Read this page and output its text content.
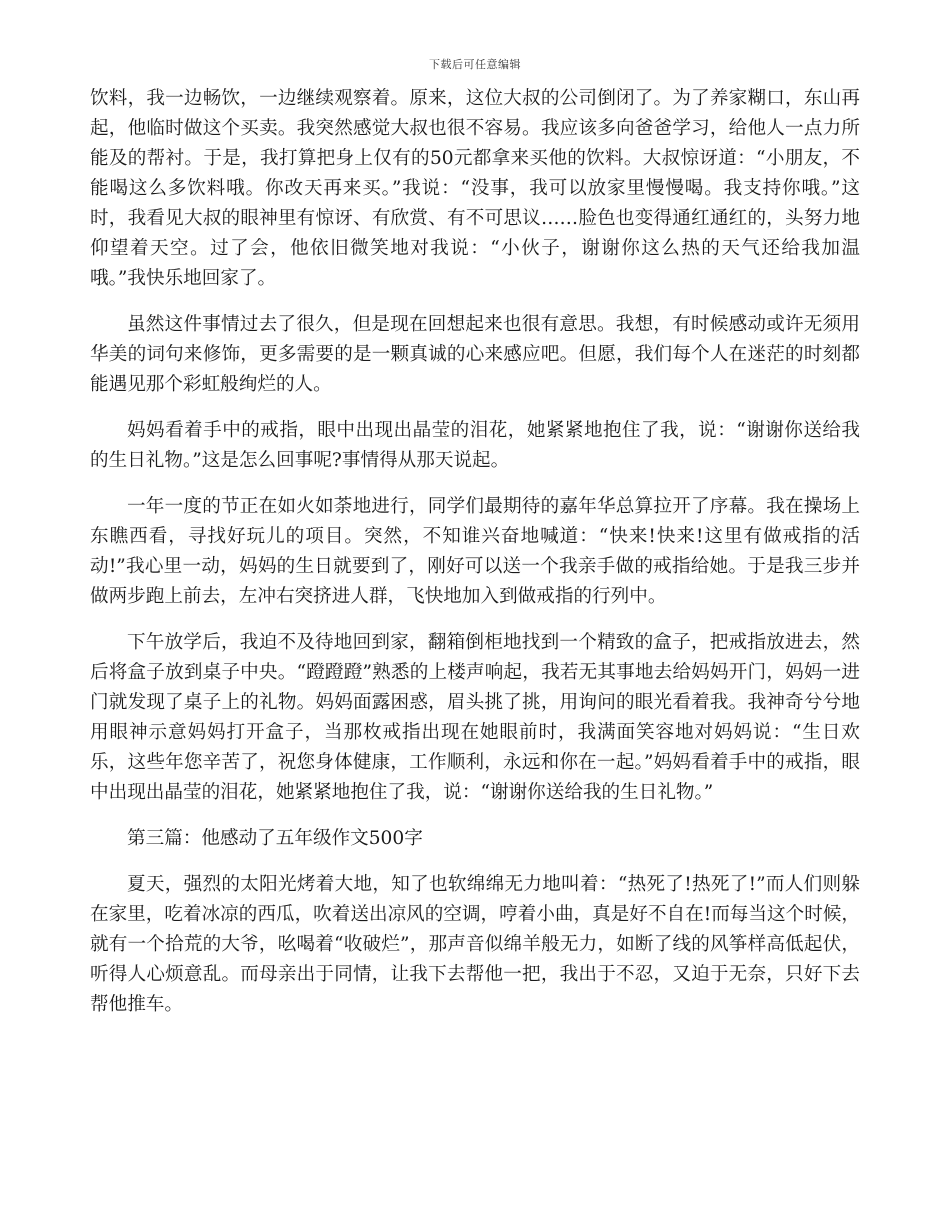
下载后可任意编辑

饮料，我一边畅饮，一边继续观察着。原来，这位大叔的公司倒闭了。为了养家糊口，东山再起，他临时做这个买卖。我突然感觉大叔也很不容易。我应该多向爸爸学习，给他人一点力所能及的帮衬。于是，我打算把身上仅有的50元都拿来买他的饮料。大叔惊讶道：“小朋友，不能喝这么多饮料哦。你改天再来买。”我说：“没事，我可以放家里慢慢喝。我支持你哦。”这时，我看见大叔的眼神里有惊讶、有欣赏、有不可思议……脸色也变得通红通红的，头努力地仰望着天空。过了会，他依旧微笑地对我说：“小伙子，谢谢你这么热的天气还给我加温哦。”我快乐地回家了。

虽然这件事情过去了很久，但是现在回想起来也很有意思。我想，有时候感动或许无须用华美的词句来修饰，更多需要的是一颗真诚的心来感应吧。但愿，我们每个人在迷茫的时刻都能遇见那个彩虹般绚烂的人。

妈妈看着手中的戒指，眼中出现出晶莹的泪花，她紧紧地抱住了我，说：“谢谢你送给我的生日礼物。”这是怎么回事呢?事情得从那天说起。

一年一度的节正在如火如荼地进行，同学们最期待的嘉年华总算拉开了序幕。我在操场上东瞧西看，寻找好玩儿的项目。突然，不知谁兴奋地喊道：“快来!快来!这里有做戒指的活动!”我心里一动，妈妈的生日就要到了，刚好可以送一个我亲手做的戒指给她。于是我三步并做两步跑上前去，左冲右突挤进人群，飞快地加入到做戒指的行列中。

下午放学后，我迫不及待地回到家，翻箱倒柜地找到一个精致的盒子，把戒指放进去，然后将盒子放到桌子中央。“蹬蹬蹬”熟悉的上楼声响起，我若无其事地去给妈妈开门，妈妈一进门就发现了桌子上的礼物。妈妈面露困惑，眉头挑了挑，用询问的眼光看着我。我神奇兮兮地用眼神示意妈妈打开盒子，当那枚戒指出现在她眼前时，我满面笑容地对妈妈说：“生日欢乐，这些年您辛苦了，祝您身体健康，工作顺利，永远和你在一起。”妈妈看着手中的戒指，眼中出现出晶莹的泪花，她紧紧地抱住了我，说：“谢谢你送给我的生日礼物。”

第三篇：他感动了五年级作文500字

夏天，强烈的太阳光烤着大地，知了也软绵绵无力地叫着：“热死了!热死了!”而人们则躲在家里，吃着冰凉的西瓜，吹着送出凉风的空调，哼着小曲，真是好不自在!而每当这个时候，就有一个拾荒的大爷，吆喝着“收破烂”，那声音似绵羊般无力，如断了线的风筝样高低起伏，听得人心烦意乱。而母亲出于同情，让我下去帮他一把，我出于不忍，又迫于无奈，只好下去帮他推车。
